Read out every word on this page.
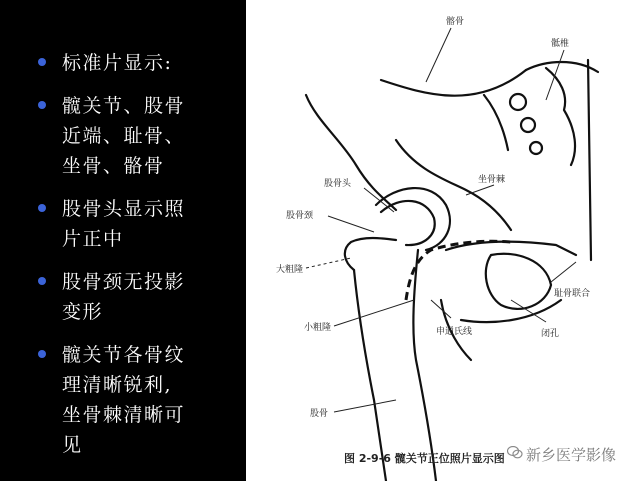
标准片显示:
髋关节、股骨
近端、耻骨、
坐骨、骼骨
股骨头显示照
片正中
股骨颈无投影
变形
髋关节各骨纹
理清晰锐利,
坐骨棘清晰可
见
髂骨
骶椎
股骨头	坐骨棘
股骨颈
大粗隆
耻骨联合
小粗隆	申通氏线	闭孔
股骨
图 2-9-6 髋关节正位照片显示图 新乡医学影像
